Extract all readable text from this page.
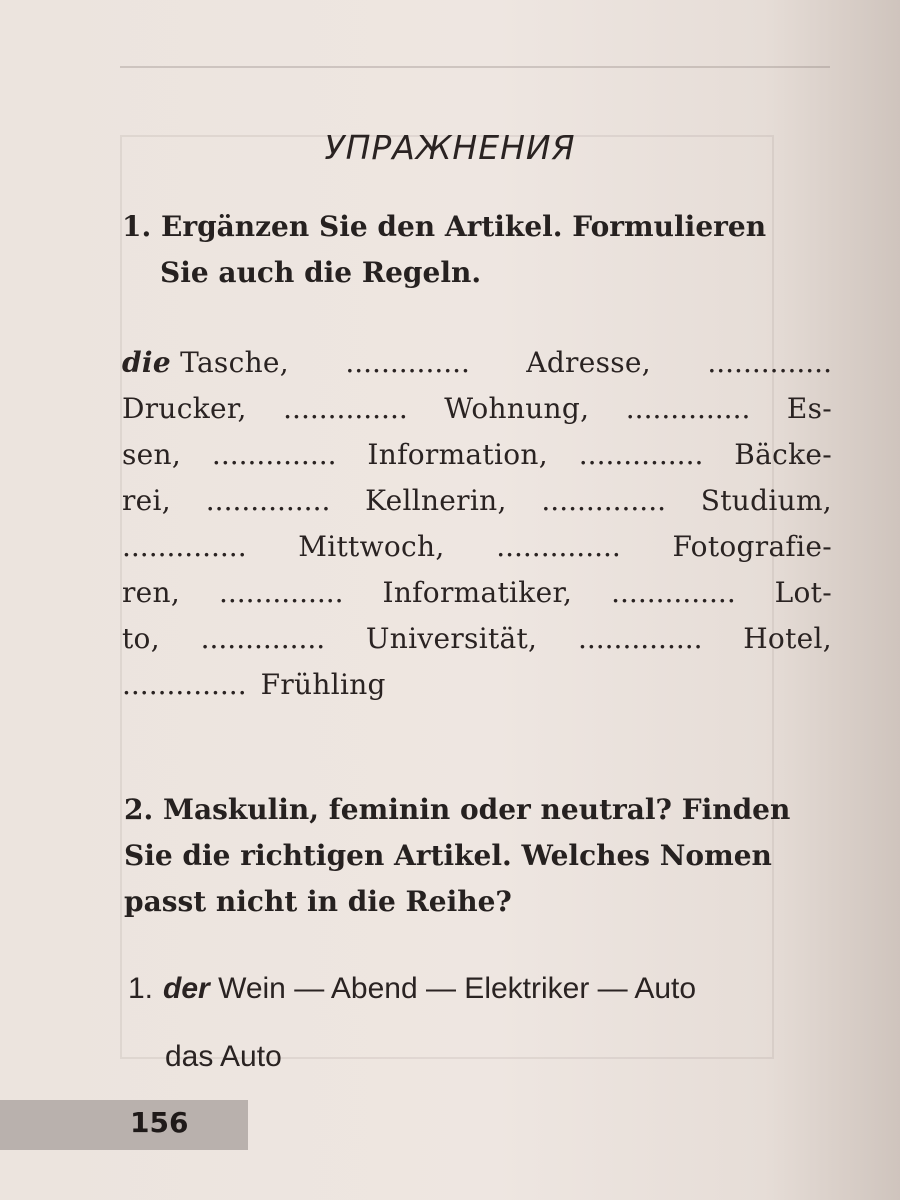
УПРАЖНЕНИЯ
1. Ergänzen Sie den Artikel. Formulieren
Sie auch die Regeln.
die Tasche, .............. Adresse, ..............
Drucker, .............. Wohnung, .............. Es-
sen, .............. Information, .............. Bäcke-
rei, .............. Kellnerin, .............. Studium,
.............. Mittwoch, .............. Fotografie-
ren, .............. Informatiker, .............. Lot-
to, .............. Universität, .............. Hotel,
.............. Frühling
2. Maskulin, feminin oder neutral? Finden
Sie die richtigen Artikel. Welches Nomen
passt nicht in die Reihe?
1. der Wein — Abend — Elektriker — Auto
das Auto
156
